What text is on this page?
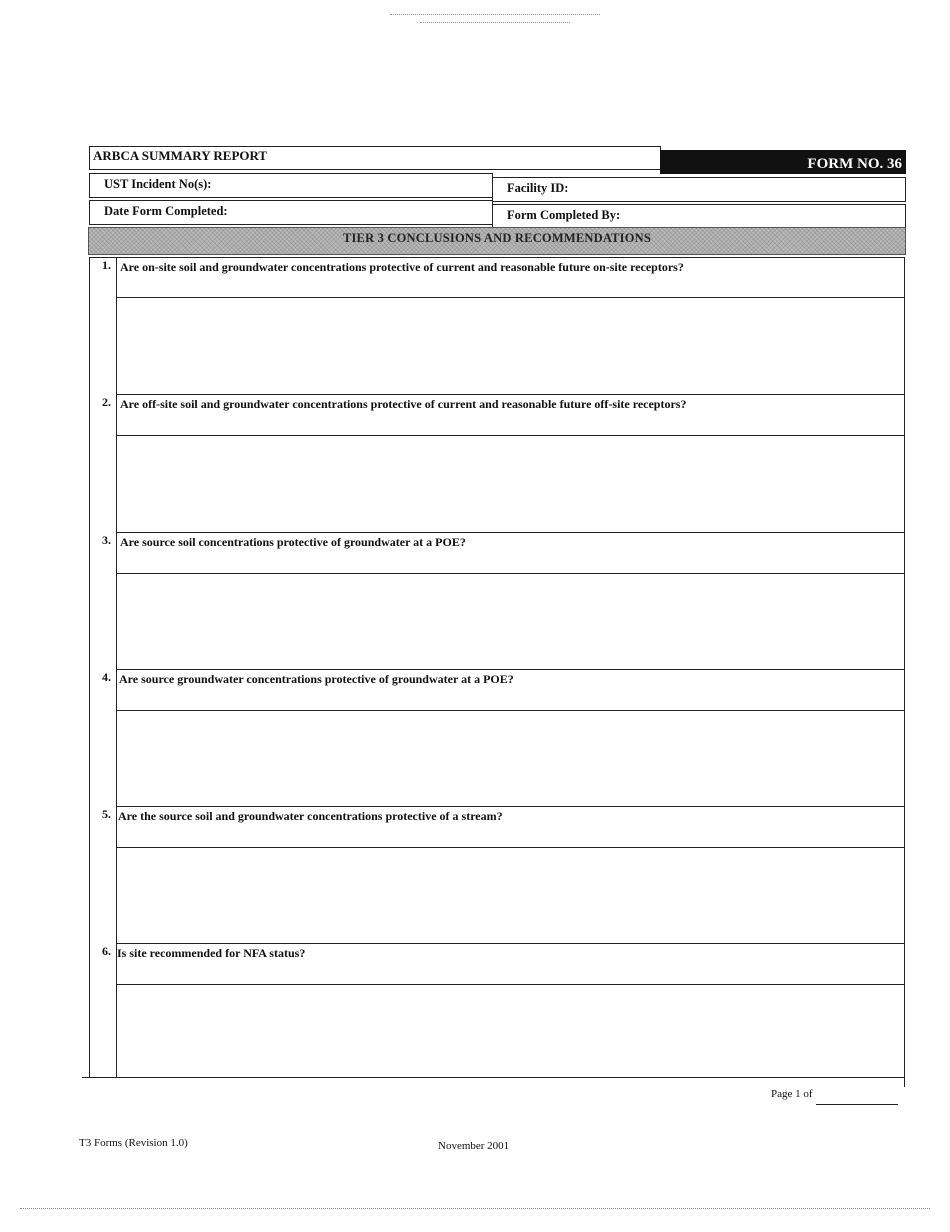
ARBCA SUMMARY REPORT
FORM NO. 36
UST Incident No(s):	Facility ID:
Date Form Completed:	Form Completed By:
TIER 3 CONCLUSIONS AND RECOMMENDATIONS
1. Are on-site soil and groundwater concentrations protective of current and reasonable future on-site receptors?
2. Are off-site soil and groundwater concentrations protective of current and reasonable future off-site receptors?
3. Are source soil concentrations protective of groundwater at a POE?
4. Are source groundwater concentrations protective of groundwater at a POE?
5. Are the source soil and groundwater concentrations protective of a stream?
6. Is site recommended for NFA status?
Page 1 of
T3 Forms (Revision 1.0)	November 2001
